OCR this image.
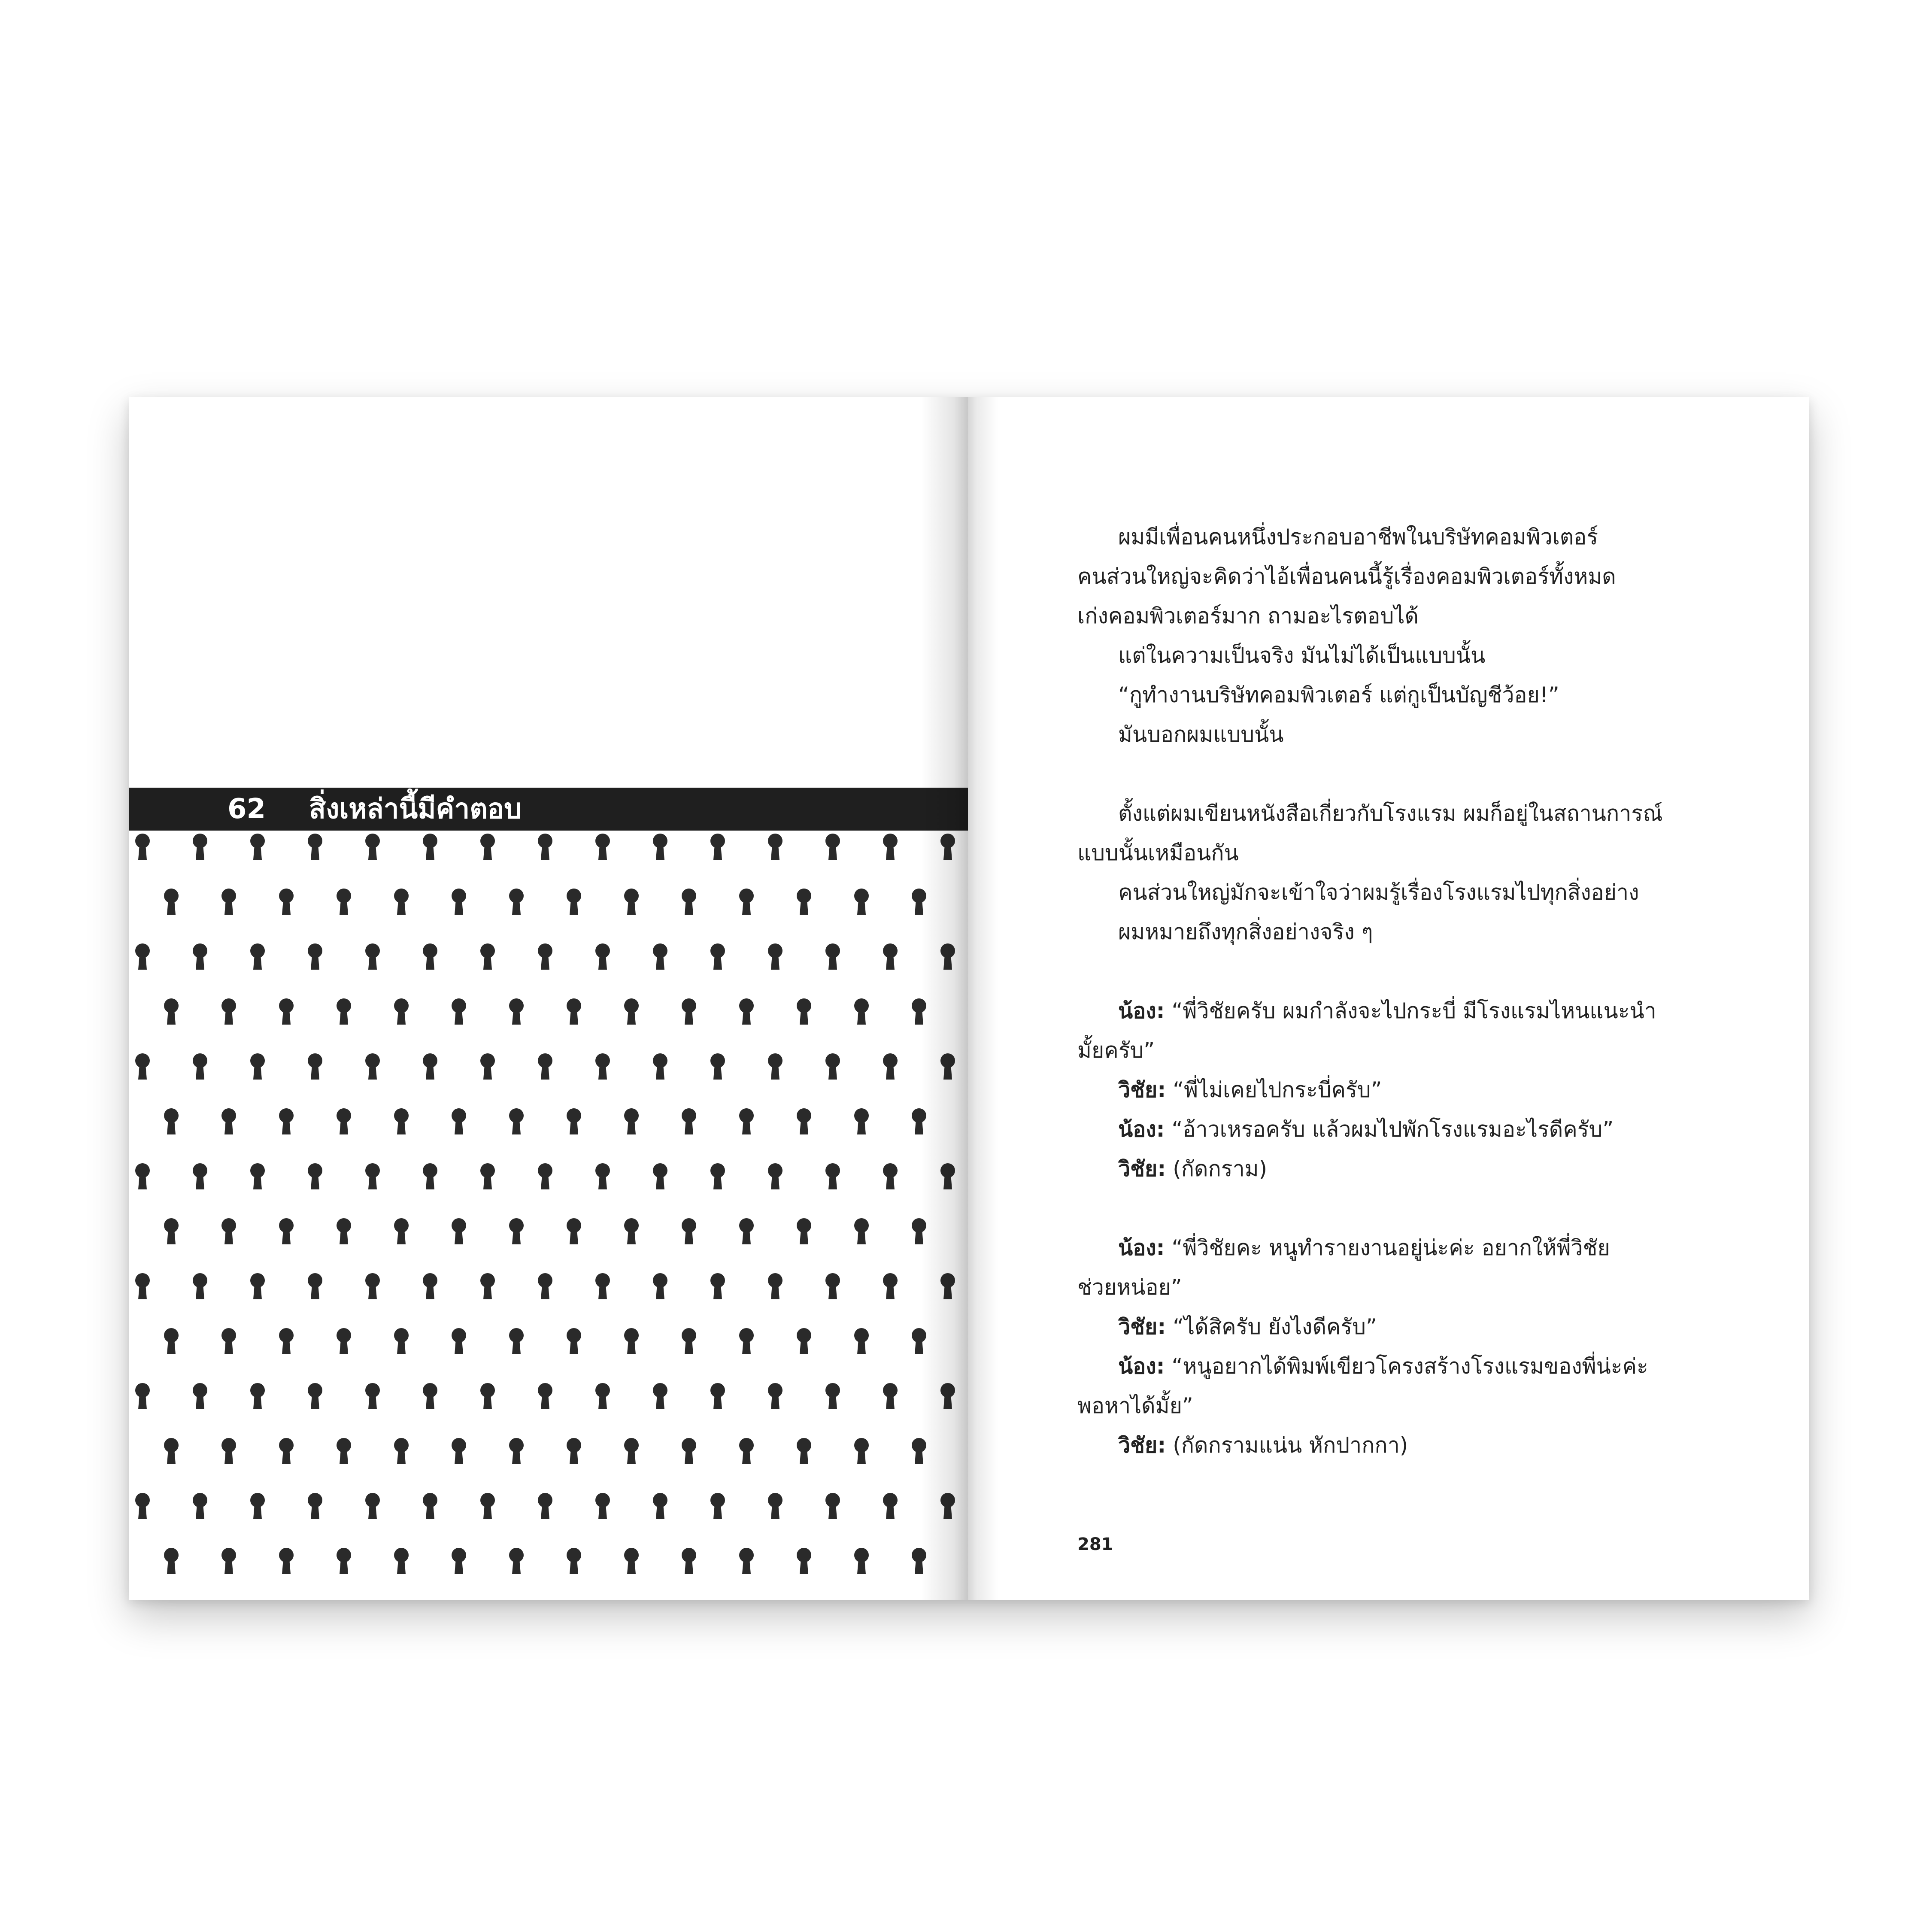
62 สิ่งเหล่านี้มีคำตอบ
ผมมีเพื่อนคนหนึ่งประกอบอาชีพในบริษัทคอมพิวเตอร์
คนส่วนใหญ่จะคิดว่าไอ้เพื่อนคนนี้รู้เรื่องคอมพิวเตอร์ทั้งหมด
เก่งคอมพิวเตอร์มาก ถามอะไรตอบได้
แต่ในความเป็นจริง มันไม่ได้เป็นแบบนั้น
“กูทำงานบริษัทคอมพิวเตอร์ แต่กูเป็นบัญชีว้อย!”
มันบอกผมแบบนั้น
ตั้งแต่ผมเขียนหนังสือเกี่ยวกับโรงแรม ผมก็อยู่ในสถานการณ์
แบบนั้นเหมือนกัน
คนส่วนใหญ่มักจะเข้าใจว่าผมรู้เรื่องโรงแรมไปทุกสิ่งอย่าง
ผมหมายถึงทุกสิ่งอย่างจริง ๆ
น้อง: “พี่วิชัยครับ ผมกำลังจะไปกระบี่ มีโรงแรมไหนแนะนำ
มั้ยครับ”
วิชัย: “พี่ไม่เคยไปกระบี่ครับ”
น้อง: “อ้าวเหรอครับ แล้วผมไปพักโรงแรมอะไรดีครับ”
วิชัย: (กัดกราม)
น้อง: “พี่วิชัยคะ หนูทำรายงานอยู่น่ะค่ะ อยากให้พี่วิชัย
ช่วยหน่อย”
วิชัย: “ได้สิครับ ยังไงดีครับ”
น้อง: “หนูอยากได้พิมพ์เขียวโครงสร้างโรงแรมของพี่น่ะค่ะ
พอหาได้มั้ย”
วิชัย: (กัดกรามแน่น หักปากกา)
281
